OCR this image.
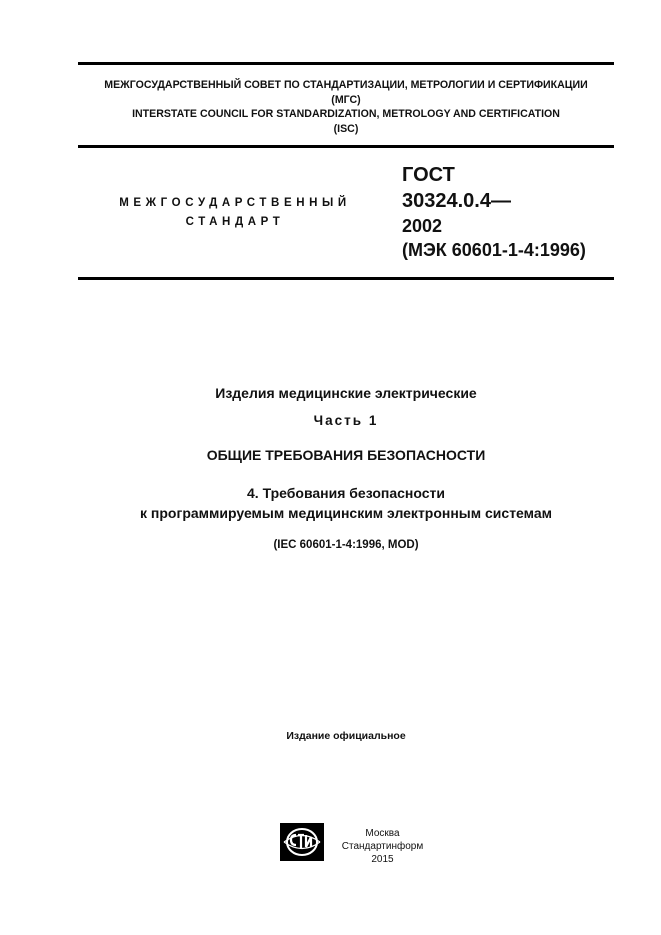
МЕЖГОСУДАРСТВЕННЫЙ СОВЕТ ПО СТАНДАРТИЗАЦИИ, МЕТРОЛОГИИ И СЕРТИФИКАЦИИ
(МГС)
INTERSTATE COUNCIL FOR STANDARDIZATION, METROLOGY AND CERTIFICATION
(ISC)
МЕЖГОСУДАРСТВЕННЫЙ
СТАНДАРТ
ГОСТ
30324.0.4—
2002
(МЭК 60601-1-4:1996)
Изделия медицинские электрические
Часть 1
ОБЩИЕ ТРЕБОВАНИЯ БЕЗОПАСНОСТИ
4. Требования безопасности
к программируемым медицинским электронным системам
(IEC 60601-1-4:1996, MOD)
Издание официальное
Москва
Стандартинформ
2015
